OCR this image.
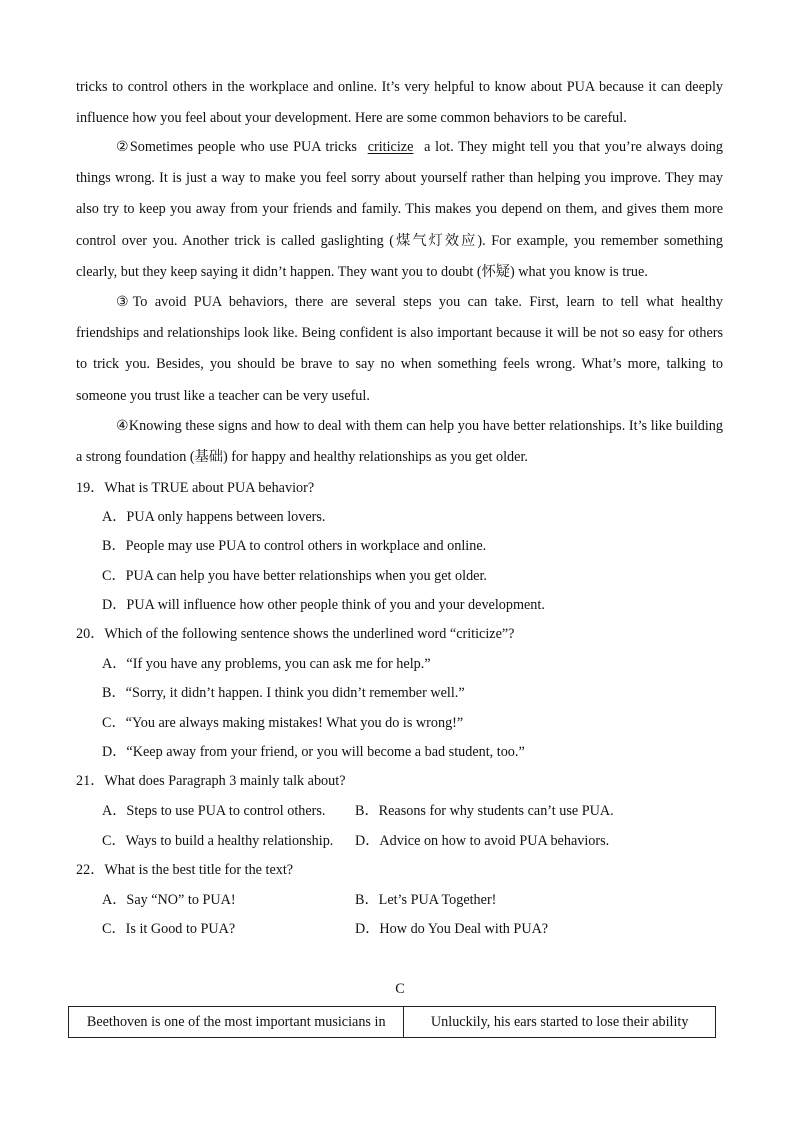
tricks to control others in the workplace and online. It’s very helpful to know about PUA because it can deeply influence how you feel about your development. Here are some common behaviors to be careful.

②Sometimes people who use PUA tricks criticize a lot. They might tell you that you’re always doing things wrong. It is just a way to make you feel sorry about yourself rather than helping you improve. They may also try to keep you away from your friends and family. This makes you depend on them, and gives them more control over you. Another trick is called gaslighting (煤气灯效应). For example, you remember something clearly, but they keep saying it didn’t happen. They want you to doubt (怀疑) what you know is true.

③To avoid PUA behaviors, there are several steps you can take. First, learn to tell what healthy friendships and relationships look like. Being confident is also important because it will be not so easy for others to trick you. Besides, you should be brave to say no when something feels wrong. What’s more, talking to someone you trust like a teacher can be very useful.

④Knowing these signs and how to deal with them can help you have better relationships. It’s like building a strong foundation (基础) for happy and healthy relationships as you get older.

19．What is TRUE about PUA behavior?
A．PUA only happens between lovers.
B．People may use PUA to control others in workplace and online.
C．PUA can help you have better relationships when you get older.
D．PUA will influence how other people think of you and your development.
20．Which of the following sentence shows the underlined word “criticize”?
A．“If you have any problems, you can ask me for help.”
B．“Sorry, it didn’t happen. I think you didn’t remember well.”
C．“You are always making mistakes! What you do is wrong!”
D．“Keep away from your friend, or you will become a bad student, too.”
21．What does Paragraph 3 mainly talk about?
A．Steps to use PUA to control others. B．Reasons for why students can’t use PUA.
C．Ways to build a healthy relationship. D．Advice on how to avoid PUA behaviors.
22．What is the best title for the text?
A．Say “NO” to PUA!	B．Let’s PUA Together!
C．Is it Good to PUA?	D．How do You Deal with PUA?
C
Beethoven is one of the most important musicians in	Unluckily, his ears started to lose their ability
